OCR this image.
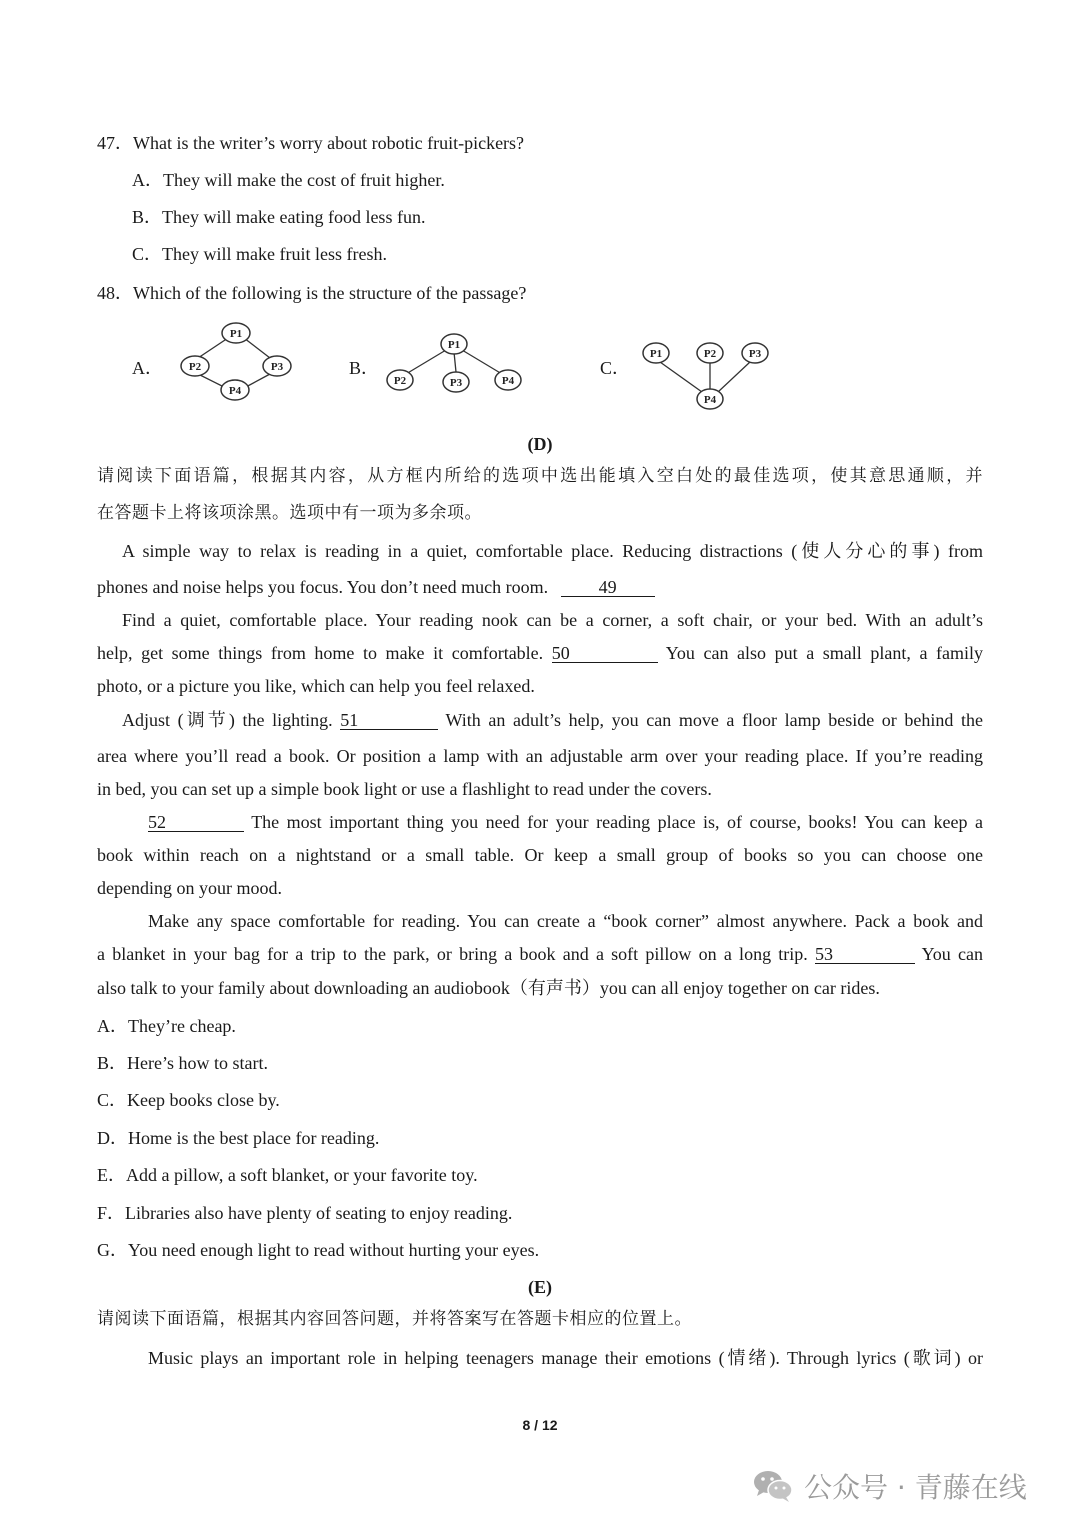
47．What is the writer’s worry about robotic fruit-pickers?
A．They will make the cost of fruit higher.
B．They will make eating food less fun.
C．They will make fruit less fresh.
48．Which of the following is the structure of the passage?
A．
P1
P2	P3
P4
B．
P1
P2	P3	P4
C．
P1	P2	P3
P4
(D)
请阅读下面语篇，根据其内容，从方框内所给的选项中选出能填入空白处的最佳选项，使其意思通顺，并
在答题卡上将该项涂黑。选项中有一项为多余项。
A simple way to relax is reading in a quiet, comfortable place. Reducing distractions (使人分心的事) from
phones and noise helps you focus. You don’t need much room.	49
Find a quiet, comfortable place. Your reading nook can be a corner, a soft chair, or your bed. With an adult’s
help, get some things from home to make it comfortable. 50	You can also put a small plant, a family
photo, or a picture you like, which can help you feel relaxed.
Adjust (调节) the lighting. 51	With an adult’s help, you can move a floor lamp beside or behind the
area where you’ll read a book. Or position a lamp with an adjustable arm over your reading place. If you’re reading
in bed, you can set up a simple book light or use a flashlight to read under the covers.
52	The most important thing you need for your reading place is, of course, books! You can keep a
book within reach on a nightstand or a small table. Or keep a small group of books so you can choose one
depending on your mood.
Make any space comfortable for reading. You can create a “book corner” almost anywhere. Pack a book and
a blanket in your bag for a trip to the park, or bring a book and a soft pillow on a long trip. 53	You can
also talk to your family about downloading an audiobook（有声书）you can all enjoy together on car rides.
A．They’re cheap.
B．Here’s how to start.
C．Keep books close by.
D．Home is the best place for reading.
E．Add a pillow, a soft blanket, or your favorite toy.
F．Libraries also have plenty of seating to enjoy reading.
G．You need enough light to read without hurting your eyes.
(E)
请阅读下面语篇，根据其内容回答问题，并将答案写在答题卡相应的位置上。
Music plays an important role in helping teenagers manage their emotions (情绪). Through lyrics (歌词) or
8 / 12
公众号 · 青藤在线
